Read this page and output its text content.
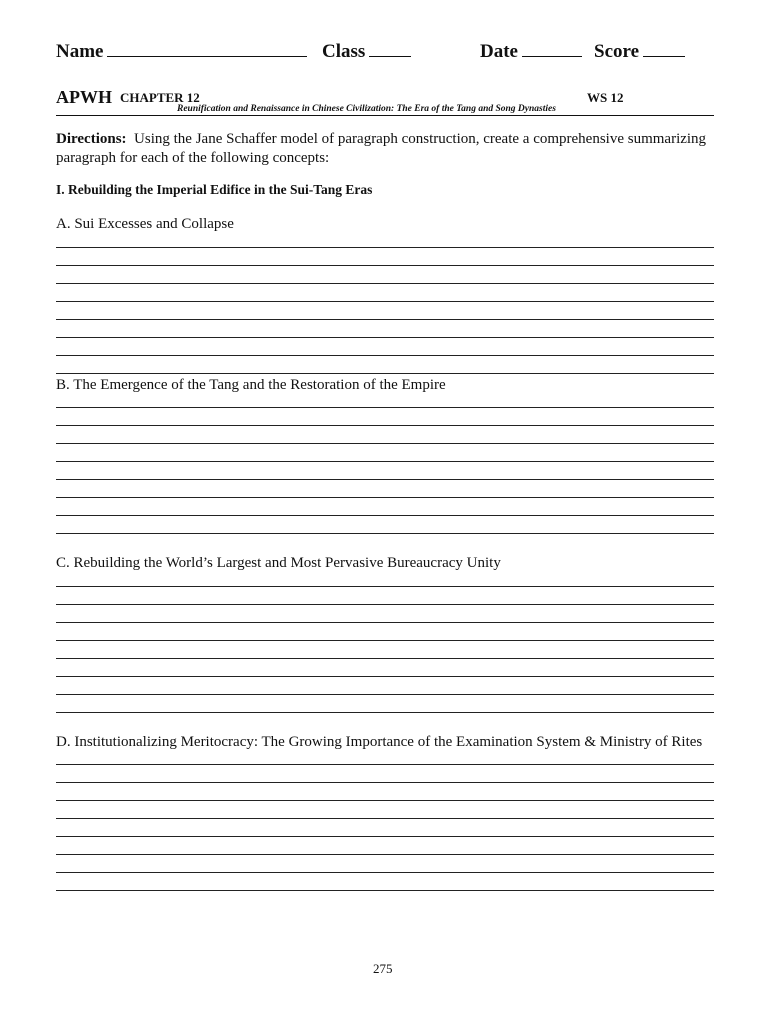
Name	Class	Date	Score
APWH CHAPTER 12	WS 12
Reunification and Renaissance in Chinese Civilization: The Era of the Tang and Song Dynasties
Directions: Using the Jane Schaffer model of paragraph construction, create a comprehensive summarizing
paragraph for each of the following concepts:
I. Rebuilding the Imperial Edifice in the Sui-Tang Eras
A. Sui Excesses and Collapse
B. The Emergence of the Tang and the Restoration of the Empire
C. Rebuilding the World’s Largest and Most Pervasive Bureaucracy Unity
D. Institutionalizing Meritocracy: The Growing Importance of the Examination System & Ministry of Rites
275
